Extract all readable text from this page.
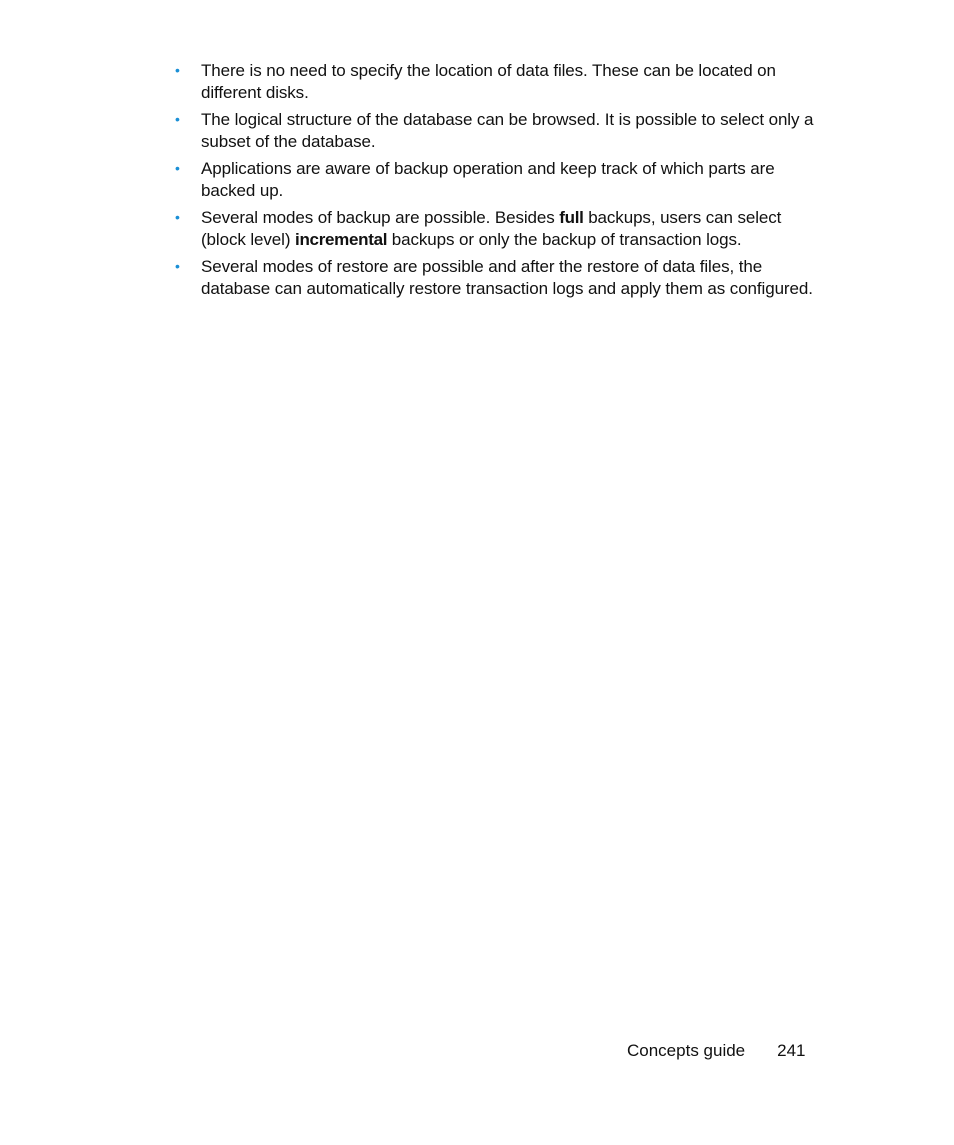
• There is no need to specify the location of data files. These can be located on different disks.
• The logical structure of the database can be browsed. It is possible to select only a subset of the database.
• Applications are aware of backup operation and keep track of which parts are backed up.
• Several modes of backup are possible. Besides full backups, users can select (block level) incremental backups or only the backup of transaction logs.
• Several modes of restore are possible and after the restore of data files, the database can automatically restore transaction logs and apply them as configured.
Concepts guide 241
